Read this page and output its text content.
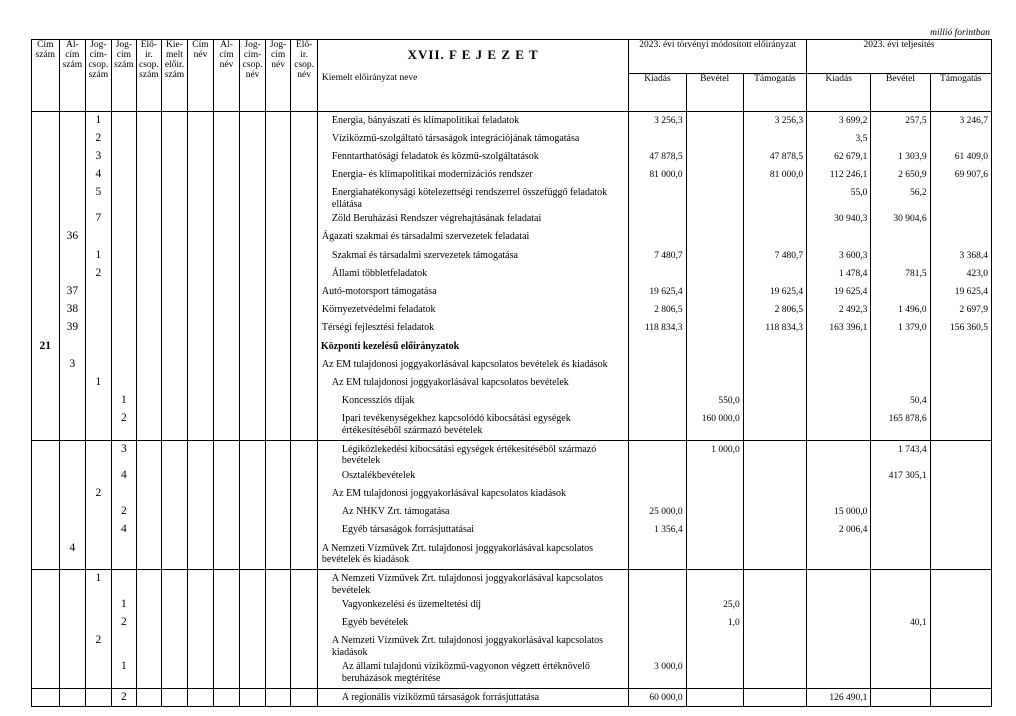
millió forintban
Cím szám	Al-cím szám	Jog-cím-csop. szám	Jog-cím szám	Elő-ir. csop. szám	Kie-melt előir. szám	Cím név	Al-cím név	Jog-cím-csop. név	Jog-cím név	Elő-ir. csop. név	XVII. F E J E Z E T	2023. évi törvényi módosított előirányzat			2023. évi teljesítés		
											Kiemelt előirányzat neve	Kiadás	Bevétel	Támogatás	Kiadás	Bevétel	Támogatás
		1									Energia, bányászati és klímapolitikai feladatok	3 256,3		3 256,3	3 699,2	257,5	3 246,7
		2									Víziközmű-szolgáltató társaságok integrációjának támogatása				3,5		
		3									Fenntarthatósági feladatok és közmű-szolgáltatások	47 878,5		47 878,5	62 679,1	1 303,9	61 409,0
		4									Energia- és klímapolitikai modernizációs rendszer	81 000,0		81 000,0	112 246,1	2 650,9	69 907,6
		5									Energiahatékonysági kötelezettségi rendszerrel összefüggő feladatok ellátása				55,0	56,2	
		7									Zöld Beruházási Rendszer végrehajtásának feladatai				30 940,3	30 904,6	
	36										Ágazati szakmai és társadalmi szervezetek feladatai						
		1									Szakmai és társadalmi szervezetek támogatása	7 480,7		7 480,7	3 600,3		3 368,4
		2									Állami többletfeladatok				1 478,4	781,5	423,0
	37										Autó-motorsport támogatása	19 625,4		19 625,4	19 625,4		19 625,4
	38										Környezetvédelmi feladatok	2 806,5		2 806,5	2 492,3	1 496,0	2 697,9
	39										Térségi fejlesztési feladatok	118 834,3		118 834,3	163 396,1	1 379,0	156 360,5
21											Központi kezelésű előirányzatok						
	3										Az EM tulajdonosi joggyakorlásával kapcsolatos bevételek és kiadások						
		1									Az EM tulajdonosi joggyakorlásával kapcsolatos bevételek						
			1								Koncessziós díjak		550,0			50,4	
			2								Ipari tevékenységekhez kapcsolódó kibocsátási egységek értékesítéséből származó bevételek		160 000,0			165 878,6	
			3								Légiközlekedési kibocsátási egységek értékesítéséből származó bevételek		1 000,0			1 743,4	
			4								Osztalékbevételek					417 305,1	
		2									Az EM tulajdonosi joggyakorlásával kapcsolatos kiadások						
			2								Az NHKV Zrt. támogatása	25 000,0			15 000,0		
			4								Egyéb társaságok forrásjuttatásai	1 356,4			2 006,4		
	4										A Nemzeti Vízművek Zrt. tulajdonosi joggyakorlásával kapcsolatos bevételek és kiadások						
		1									A Nemzeti Vízművek Zrt. tulajdonosi joggyakorlásával kapcsolatos bevételek						
			1								Vagyonkezelési és üzemeltetési díj		25,0				
			2								Egyéb bevételek		1,0			40,1	
		2									A Nemzeti Vízművek Zrt. tulajdonosi joggyakorlásával kapcsolatos kiadások						
			1								Az állami tulajdonú víziközmű-vagyonon végzett értéknövelő beruházások megtérítése	3 000,0					
			2								A regionális víziközmű társaságok forrásjuttatása	60 000,0			126 490,1		
